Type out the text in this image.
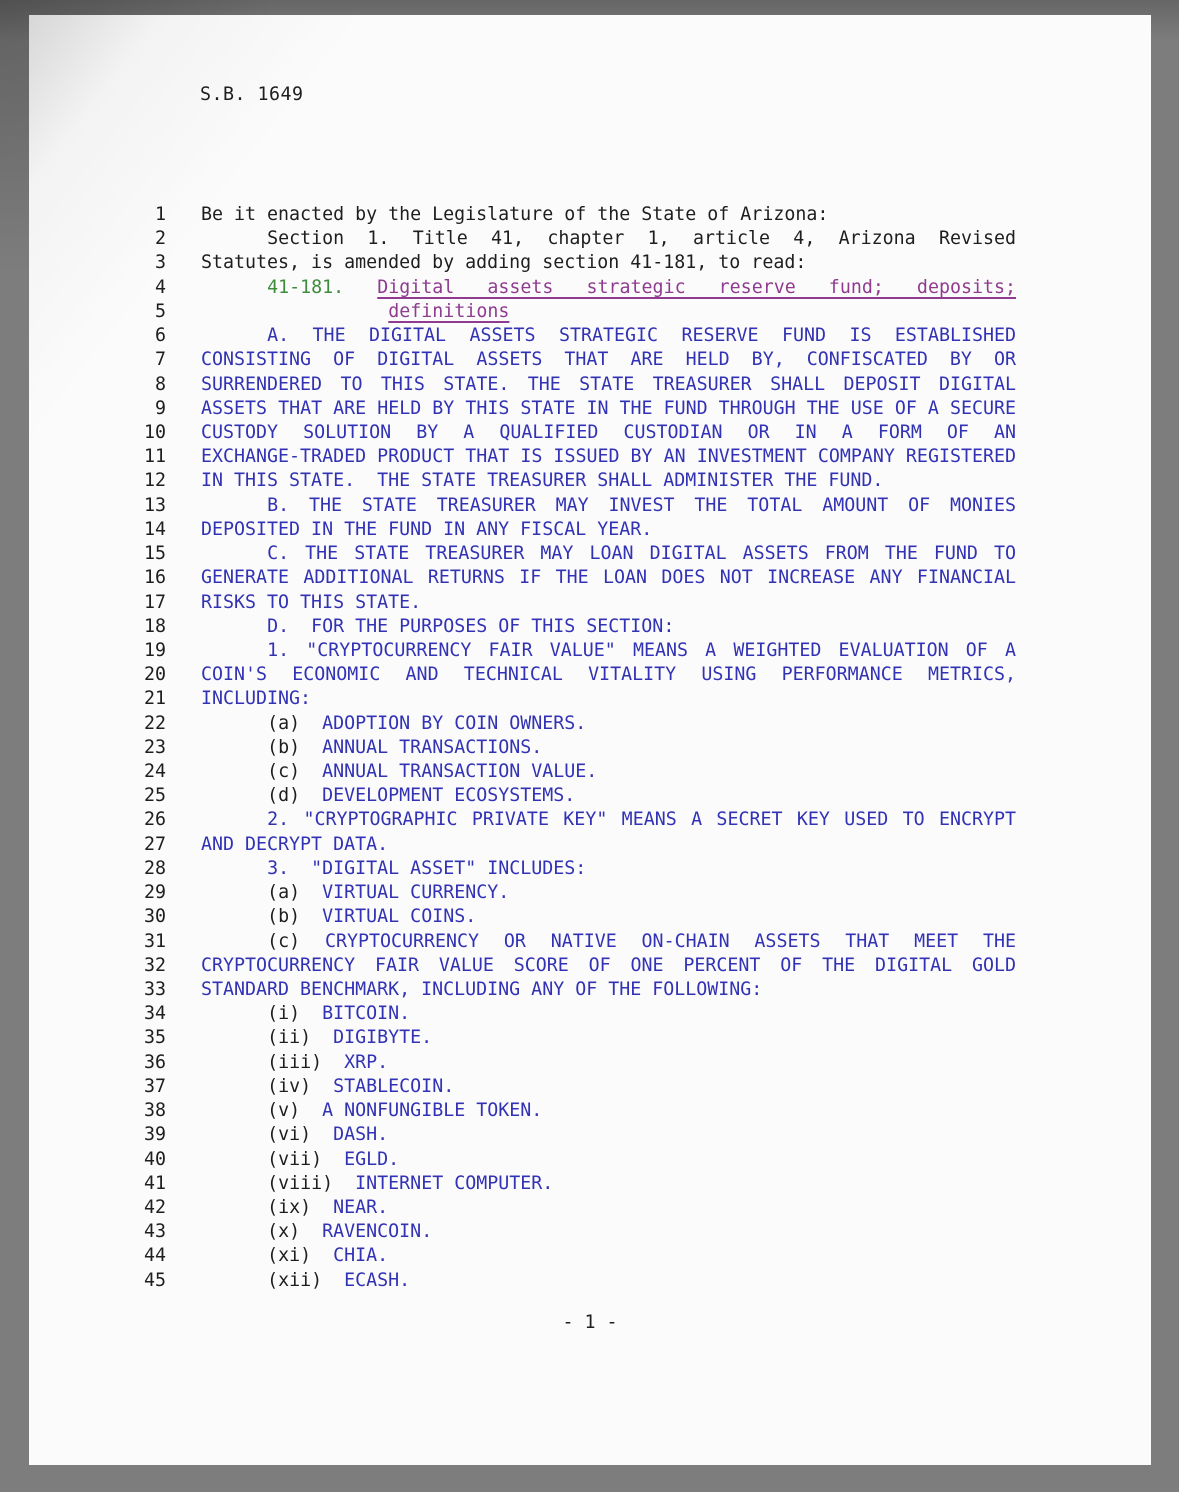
S.B. 1649
1 Be it enacted by the Legislature of the State of Arizona:
2	Section 1. Title 41, chapter 1, article 4, Arizona Revised
3 Statutes, is amended by adding section 41-181, to read:
4	41-181. Digital assets strategic reserve fund; deposits;
5	definitions
6	A. THE DIGITAL ASSETS STRATEGIC RESERVE FUND IS ESTABLISHED
7 CONSISTING OF DIGITAL ASSETS THAT ARE HELD BY, CONFISCATED BY OR
8 SURRENDERED TO THIS STATE. THE STATE TREASURER SHALL DEPOSIT DIGITAL
9 ASSETS THAT ARE HELD BY THIS STATE IN THE FUND THROUGH THE USE OF A SECURE
10 CUSTODY SOLUTION BY A QUALIFIED CUSTODIAN OR IN A FORM OF AN
11 EXCHANGE-TRADED PRODUCT THAT IS ISSUED BY AN INVESTMENT COMPANY REGISTERED
12 IN THIS STATE.  THE STATE TREASURER SHALL ADMINISTER THE FUND.
13	B. THE STATE TREASURER MAY INVEST THE TOTAL AMOUNT OF MONIES
14 DEPOSITED IN THE FUND IN ANY FISCAL YEAR.
15	C. THE STATE TREASURER MAY LOAN DIGITAL ASSETS FROM THE FUND TO
16 GENERATE ADDITIONAL RETURNS IF THE LOAN DOES NOT INCREASE ANY FINANCIAL
17 RISKS TO THIS STATE.
18	D.  FOR THE PURPOSES OF THIS SECTION:
19	1. "CRYPTOCURRENCY FAIR VALUE" MEANS A WEIGHTED EVALUATION OF A
20 COIN'S ECONOMIC AND TECHNICAL VITALITY USING PERFORMANCE METRICS,
21 INCLUDING:
22	(a)  ADOPTION BY COIN OWNERS.
23	(b)  ANNUAL TRANSACTIONS.
24	(c)  ANNUAL TRANSACTION VALUE.
25	(d)  DEVELOPMENT ECOSYSTEMS.
26	2. "CRYPTOGRAPHIC PRIVATE KEY" MEANS A SECRET KEY USED TO ENCRYPT
27 AND DECRYPT DATA.
28	3.  "DIGITAL ASSET" INCLUDES:
29	(a)  VIRTUAL CURRENCY.
30	(b)  VIRTUAL COINS.
31	(c) CRYPTOCURRENCY OR NATIVE ON-CHAIN ASSETS THAT MEET THE
32 CRYPTOCURRENCY FAIR VALUE SCORE OF ONE PERCENT OF THE DIGITAL GOLD
33 STANDARD BENCHMARK, INCLUDING ANY OF THE FOLLOWING:
34	(i)  BITCOIN.
35	(ii)  DIGIBYTE.
36	(iii)  XRP.
37	(iv)  STABLECOIN.
38	(v)  A NONFUNGIBLE TOKEN.
39	(vi)  DASH.
40	(vii)  EGLD.
41	(viii)  INTERNET COMPUTER.
42	(ix)  NEAR.
43	(x)  RAVENCOIN.
44	(xi)  CHIA.
45	(xii)  ECASH.
- 1 -
